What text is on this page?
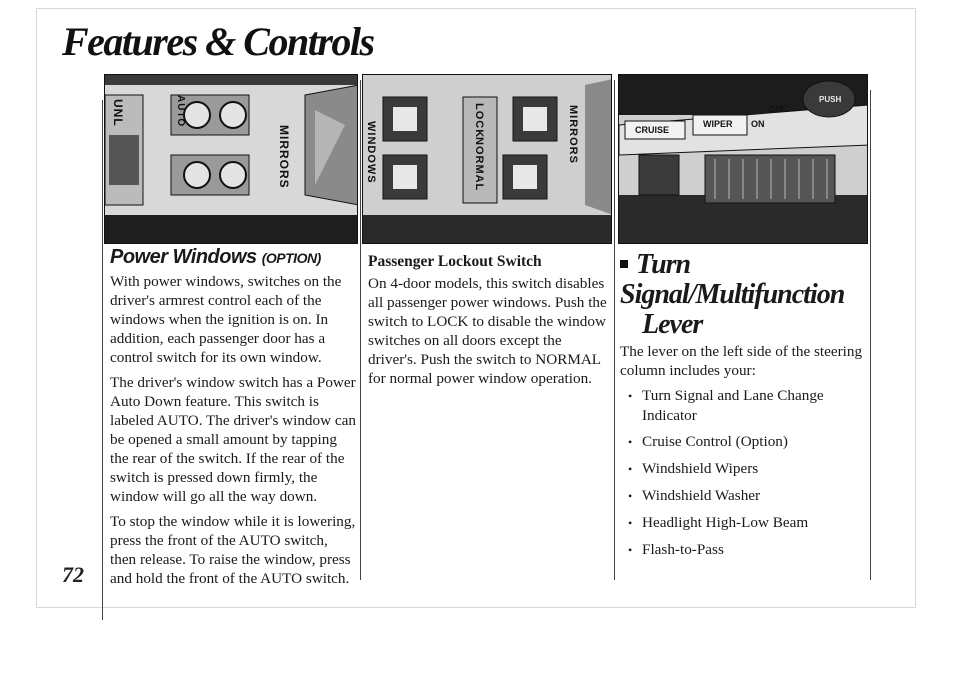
Features & Controls
UNL	AUTO
MIRRORS	WINDOWS
LOCK
NORMAL
MIRRORS	CRUISE
WIPER ON
OFF
PUSH
Power Windows (OPTION)

With power windows, switches on the driver's armrest control each of the windows when the ignition is on. In addition, each passenger door has a control switch for its own window.

The driver's window switch has a Power Auto Down feature. This switch is labeled AUTO. The driver's window can be opened a small amount by tapping the rear of the switch. If the rear of the switch is pressed down firmly, the window will go all the way down.

To stop the window while it is lowering, press the front of the AUTO switch, then release. To raise the window, press and hold the front of the AUTO switch.

Passenger Lockout Switch

On 4-door models, this switch disables all passenger power windows. Push the switch to LOCK to disable the window switches on all doors except the driver's. Push the switch to NORMAL for normal power window operation.

Turn Signal/Multifunction
Lever

The lever on the left side of the steering column includes your:

• Turn Signal and Lane Change Indicator
• Cruise Control (Option)
• Windshield Wipers
• Windshield Washer
• Headlight High-Low Beam
• Flash-to-Pass
72
